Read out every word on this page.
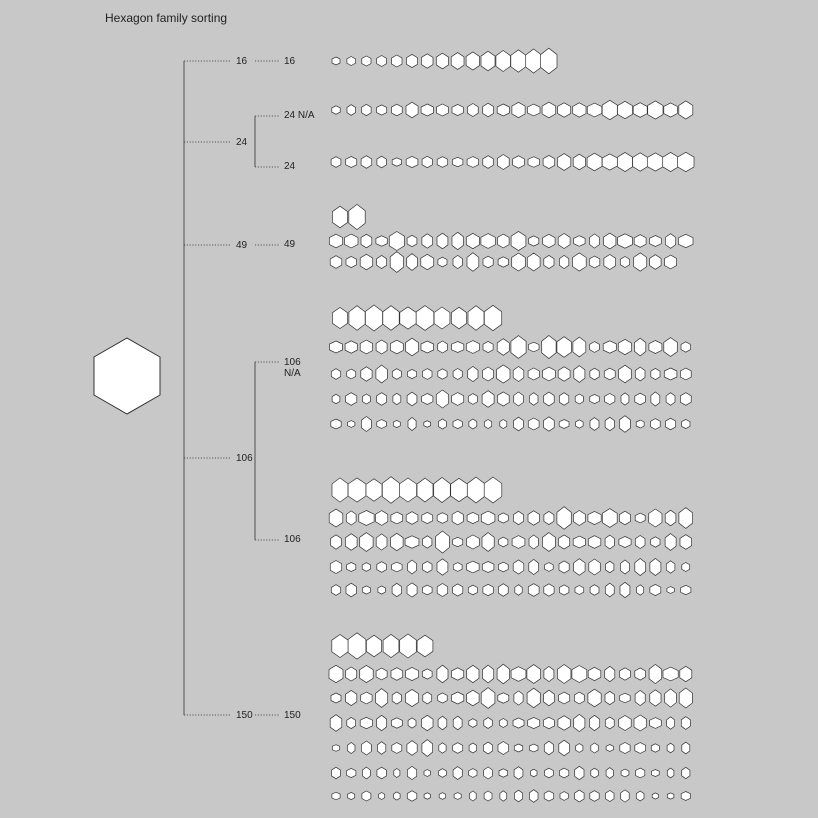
Hexagon family sorting
16	16
24
24 N/A
24
49	49
106
106
N/A
106
150	150
